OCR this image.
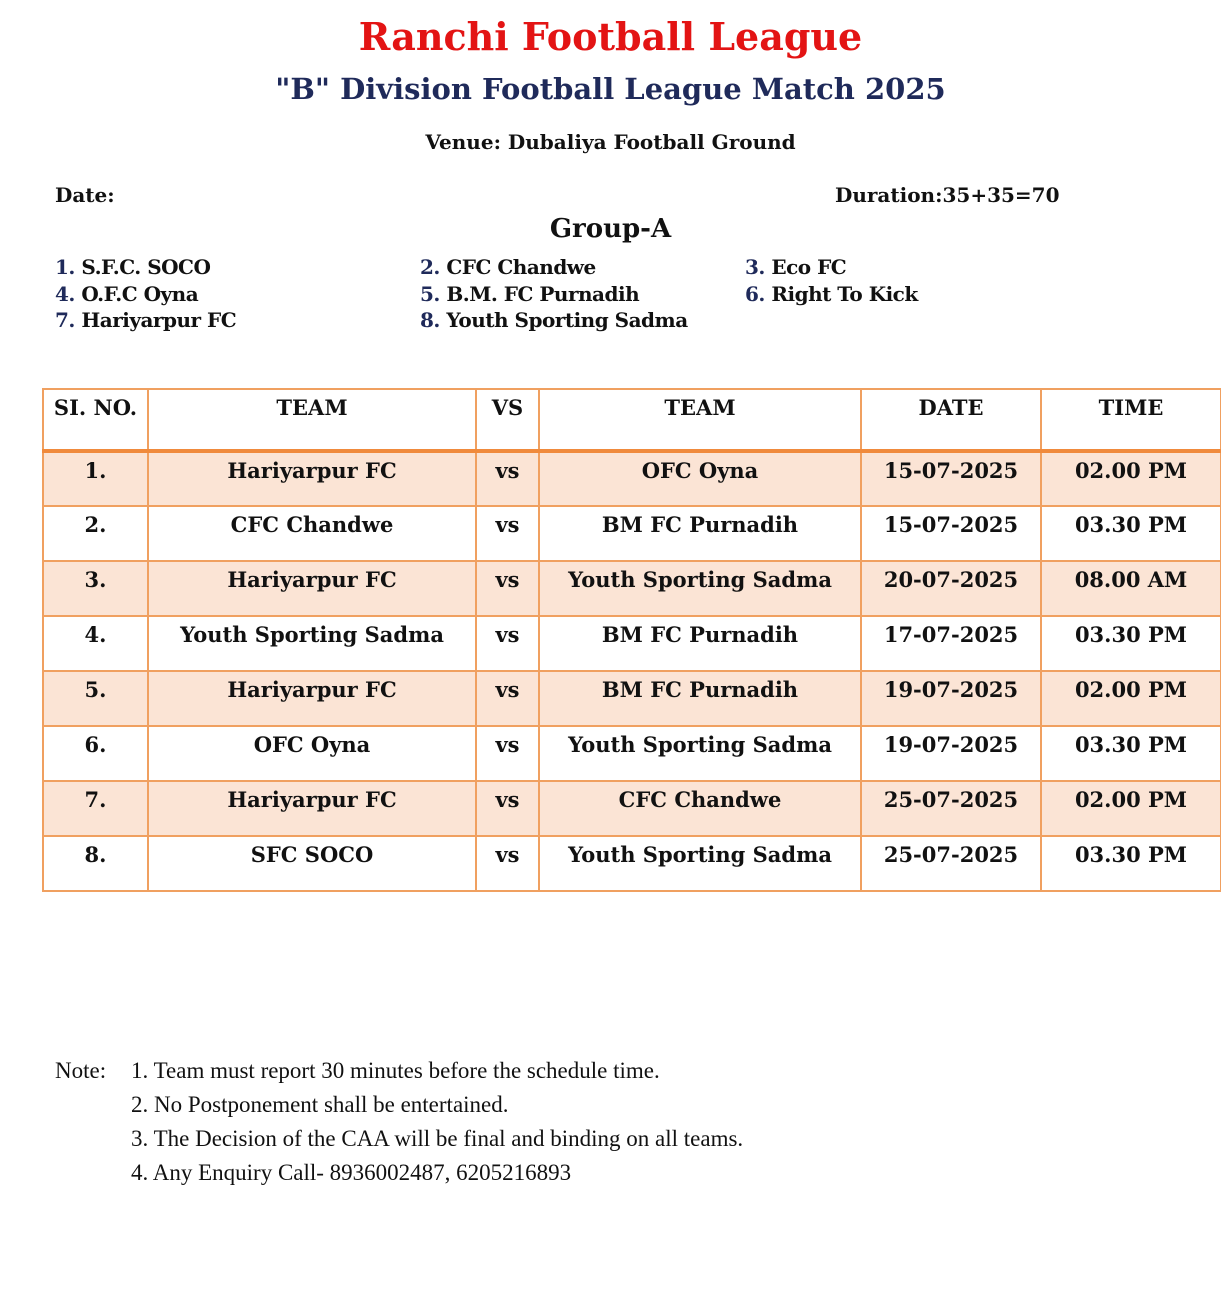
Ranchi Football League
"B" Division Football League Match 2025
Venue: Dubaliya Football Ground
Date:	Duration:35+35=70
Group-A
1. S.F.C. SOCO	2. CFC Chandwe	3. Eco FC
4. O.F.C Oyna	5. B.M. FC Purnadih	6. Right To Kick
7. Hariyarpur FC	8. Youth Sporting Sadma
SI. NO.	TEAM	VS	TEAM	DATE	TIME
1.	Hariyarpur FC	vs	OFC Oyna	15-07-2025	02.00 PM
2.	CFC Chandwe	vs	BM FC Purnadih	15-07-2025	03.30 PM
3.	Hariyarpur FC	vs	Youth Sporting Sadma	20-07-2025	08.00 AM
4.	Youth Sporting Sadma	vs	BM FC Purnadih	17-07-2025	03.30 PM
5.	Hariyarpur FC	vs	BM FC Purnadih	19-07-2025	02.00 PM
6.	OFC Oyna	vs	Youth Sporting Sadma	19-07-2025	03.30 PM
7.	Hariyarpur FC	vs	CFC Chandwe	25-07-2025	02.00 PM
8.	SFC SOCO	vs	Youth Sporting Sadma	25-07-2025	03.30 PM
Note: 1. Team must report 30 minutes before the schedule time.
2. No Postponement shall be entertained.
3. The Decision of the CAA will be final and binding on all teams.
4. Any Enquiry Call- 8936002487, 6205216893
